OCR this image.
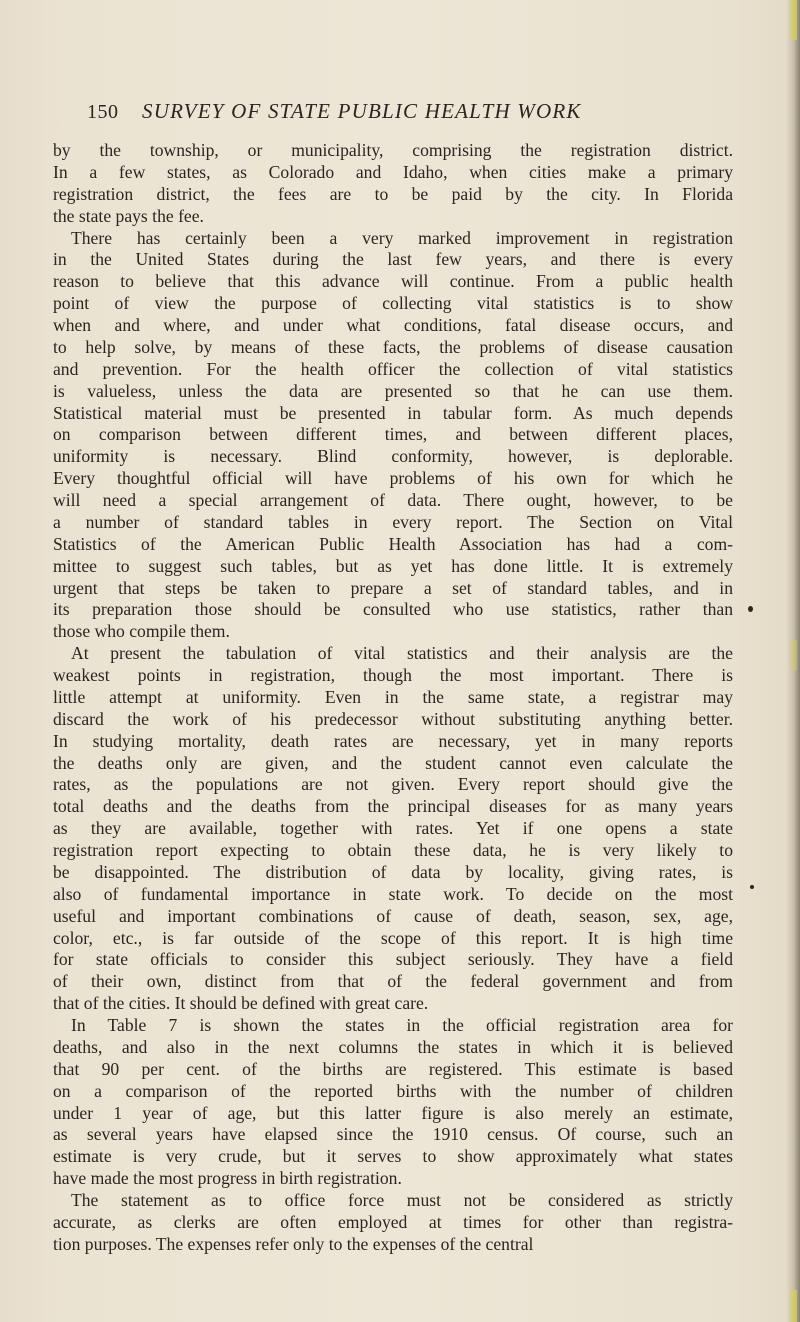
150 SURVEY OF STATE PUBLIC HEALTH WORK
by the township, or municipality, comprising the registration district.
In a few states, as Colorado and Idaho, when cities make a primary
registration district, the fees are to be paid by the city. In Florida
the state pays the fee.
There has certainly been a very marked improvement in registration
in the United States during the last few years, and there is every
reason to believe that this advance will continue. From a public health
point of view the purpose of collecting vital statistics is to show
when and where, and under what conditions, fatal disease occurs, and
to help solve, by means of these facts, the problems of disease causation
and prevention. For the health officer the collection of vital statistics
is valueless, unless the data are presented so that he can use them.
Statistical material must be presented in tabular form. As much depends
on comparison between different times, and between different places,
uniformity is necessary. Blind conformity, however, is deplorable.
Every thoughtful official will have problems of his own for which he
will need a special arrangement of data. There ought, however, to be
a number of standard tables in every report. The Section on Vital
Statistics of the American Public Health Association has had a com-
mittee to suggest such tables, but as yet has done little. It is extremely
urgent that steps be taken to prepare a set of standard tables, and in
its preparation those should be consulted who use statistics, rather than
those who compile them.
At present the tabulation of vital statistics and their analysis are the
weakest points in registration, though the most important. There is
little attempt at uniformity. Even in the same state, a registrar may
discard the work of his predecessor without substituting anything better.
In studying mortality, death rates are necessary, yet in many reports
the deaths only are given, and the student cannot even calculate the
rates, as the populations are not given. Every report should give the
total deaths and the deaths from the principal diseases for as many years
as they are available, together with rates. Yet if one opens a state
registration report expecting to obtain these data, he is very likely to
be disappointed. The distribution of data by locality, giving rates, is
also of fundamental importance in state work. To decide on the most
useful and important combinations of cause of death, season, sex, age,
color, etc., is far outside of the scope of this report. It is high time
for state officials to consider this subject seriously. They have a field
of their own, distinct from that of the federal government and from
that of the cities. It should be defined with great care.
In Table 7 is shown the states in the official registration area for
deaths, and also in the next columns the states in which it is believed
that 90 per cent. of the births are registered. This estimate is based
on a comparison of the reported births with the number of children
under 1 year of age, but this latter figure is also merely an estimate,
as several years have elapsed since the 1910 census. Of course, such an
estimate is very crude, but it serves to show approximately what states
have made the most progress in birth registration.
The statement as to office force must not be considered as strictly
accurate, as clerks are often employed at times for other than registra-
tion purposes. The expenses refer only to the expenses of the central
